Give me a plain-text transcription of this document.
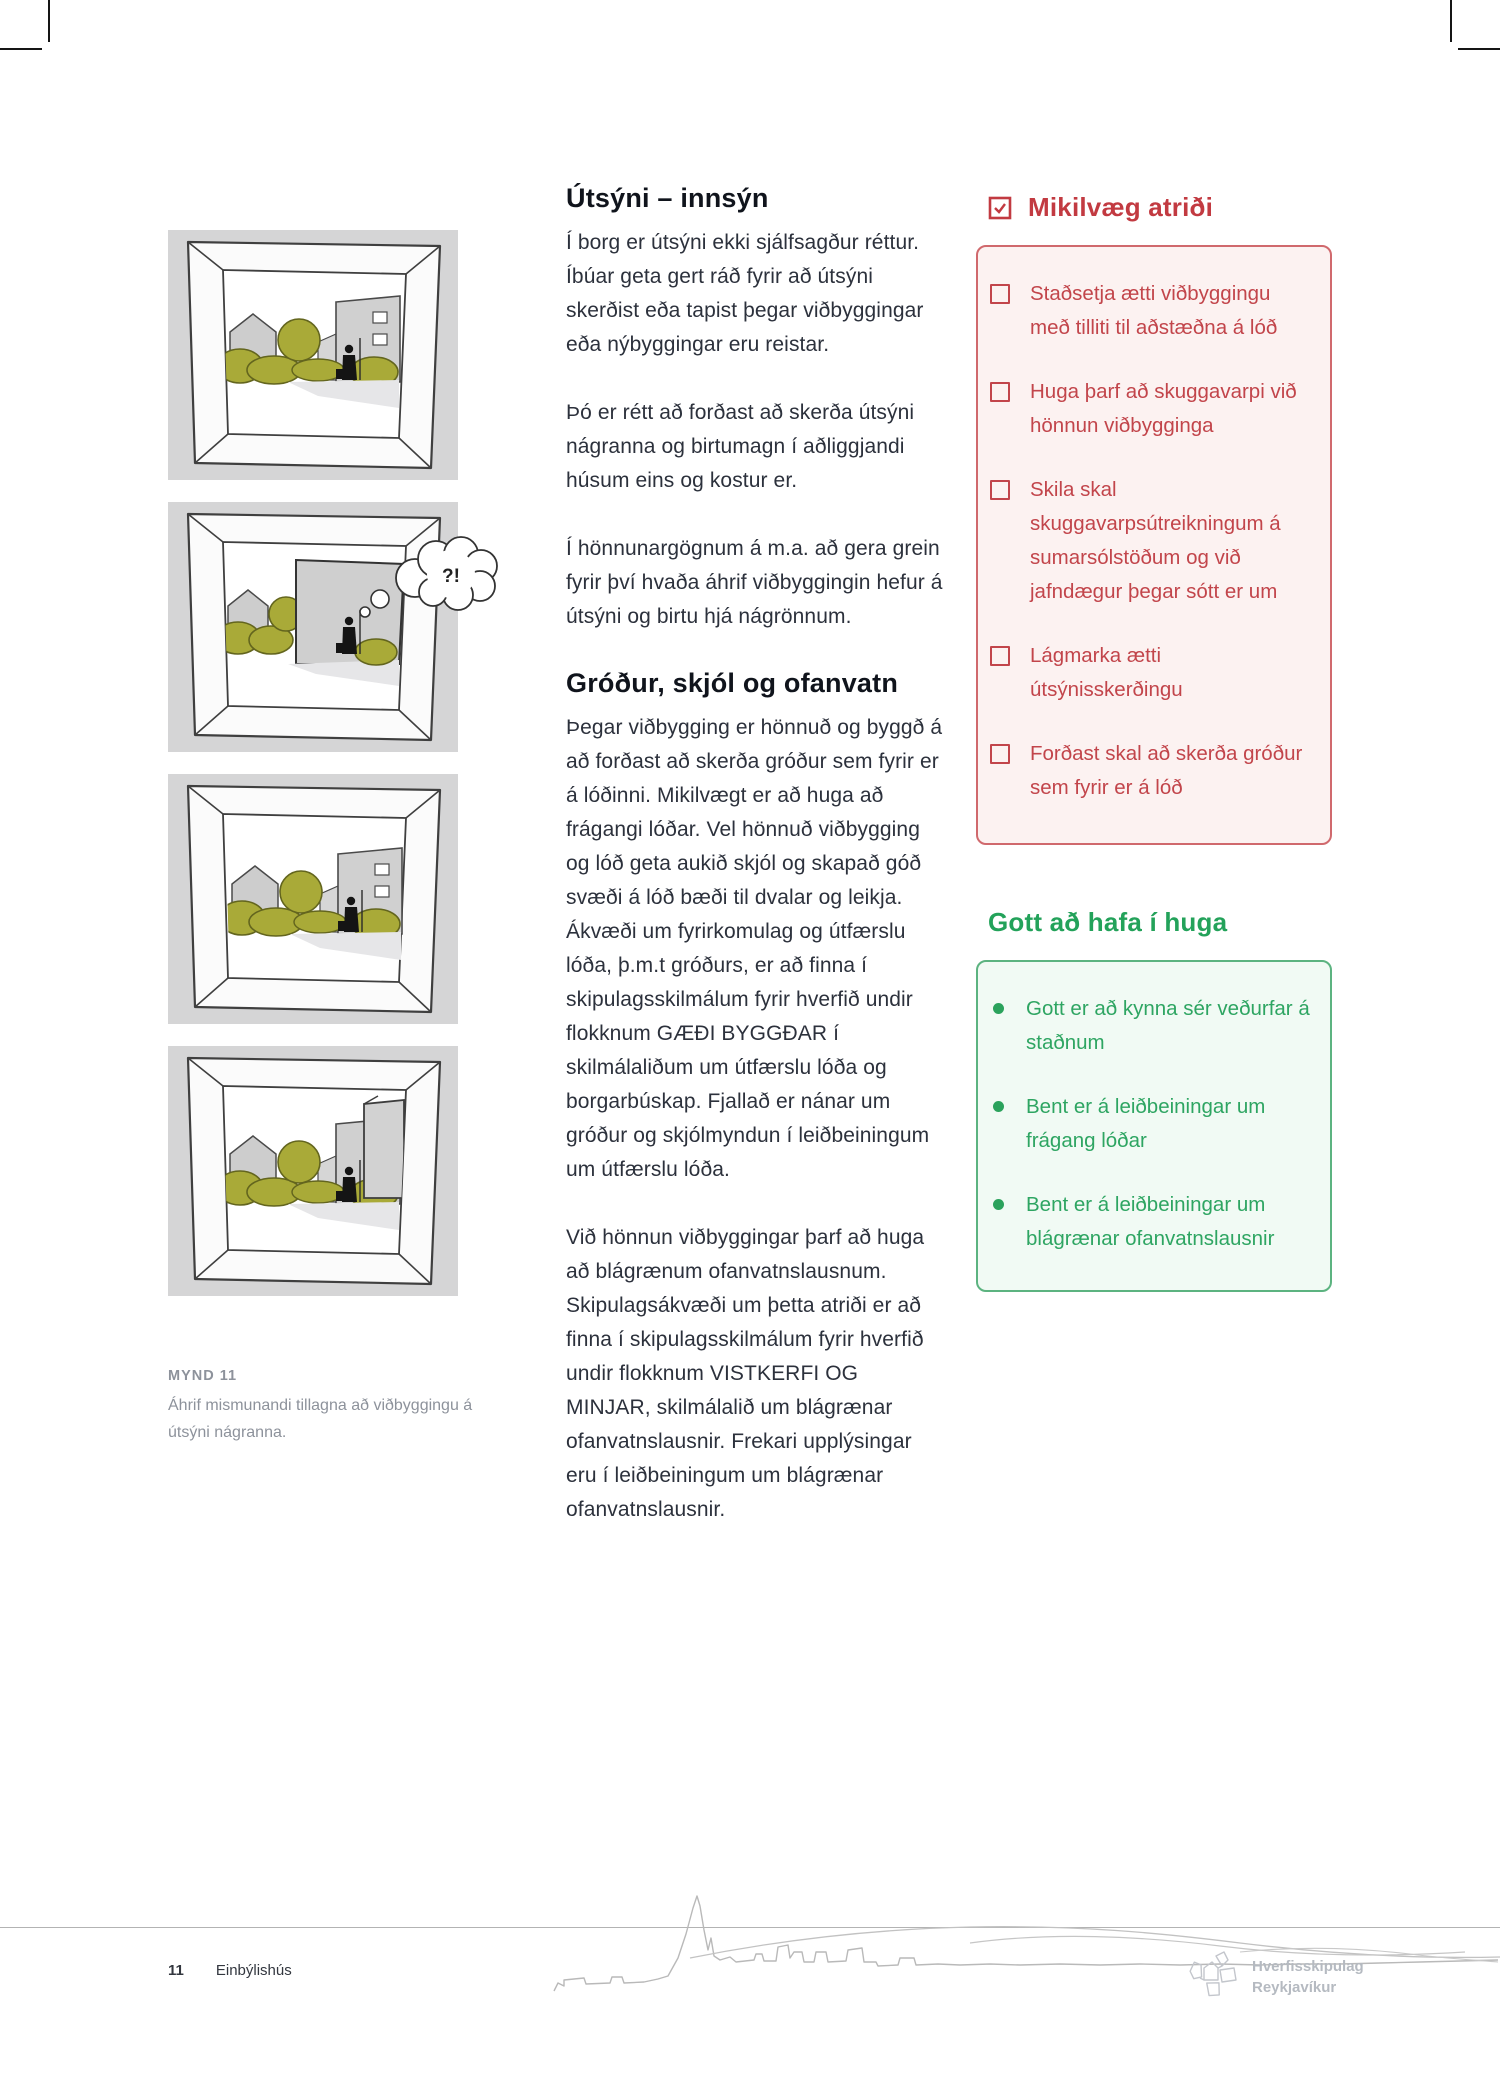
?!
MYND 11
Áhrif mismunandi tillagna að viðbyggingu á útsýni nágranna.
Útsýni – innsýn

Í borg er útsýni ekki sjálfsagður réttur. Íbúar geta gert ráð fyrir að útsýni skerðist eða tapist þegar viðbyggingar eða nýbyggingar eru reistar.

Þó er rétt að forðast að skerða útsýni nágranna og birtumagn í aðliggjandi húsum eins og kostur er.

Í hönnunargögnum á m.a. að gera grein fyrir því hvaða áhrif viðbyggingin hefur á útsýni og birtu hjá nágrönnum.

Gróður, skjól og ofanvatn

Þegar viðbygging er hönnuð og byggð á að forðast að skerða gróður sem fyrir er á lóðinni. Mikilvægt er að huga að frágangi lóðar. Vel hönnuð viðbygging og lóð geta aukið skjól og skapað góð svæði á lóð bæði til dvalar og leikja. Ákvæði um fyrirkomulag og útfærslu lóða, þ.m.t gróðurs, er að finna í skipulagsskilmálum fyrir hverfið undir flokknum GÆÐI BYGGÐAR í skilmálaliðum um útfærslu lóða og borgarbúskap. Fjallað er nánar um gróður og skjólmyndun í leiðbeiningum um útfærslu lóða.

Við hönnun viðbyggingar þarf að huga að blágrænum ofanvatnslausnum. Skipulagsákvæði um þetta atriði er að finna í skipulagsskilmálum fyrir hverfið undir flokknum VISTKERFI OG MINJAR, skilmálalið um blágrænar ofanvatnslausnir. Frekari upplýsingar eru í leiðbeiningum um blágrænar ofanvatnslausnir.

Mikilvæg atriði
Staðsetja ætti viðbyggingu með tilliti til aðstæðna á lóð
Huga þarf að skuggavarpi við hönnun viðbygginga
Skila skal skuggavarpsútreikningum á sumarsólstöðum og við jafndægur þegar sótt er um
Lágmarka ætti útsýnisskerðingu
Forðast skal að skerða gróður sem fyrir er á lóð
Gott að hafa í huga
Gott er að kynna sér veðurfar á staðnum
Bent er á leiðbeiningar um frágang lóðar
Bent er á leiðbeiningar um blágrænar ofanvatnslausnir
11 Einbýlishús	Hverfisskipulag
Reykjavíkur
